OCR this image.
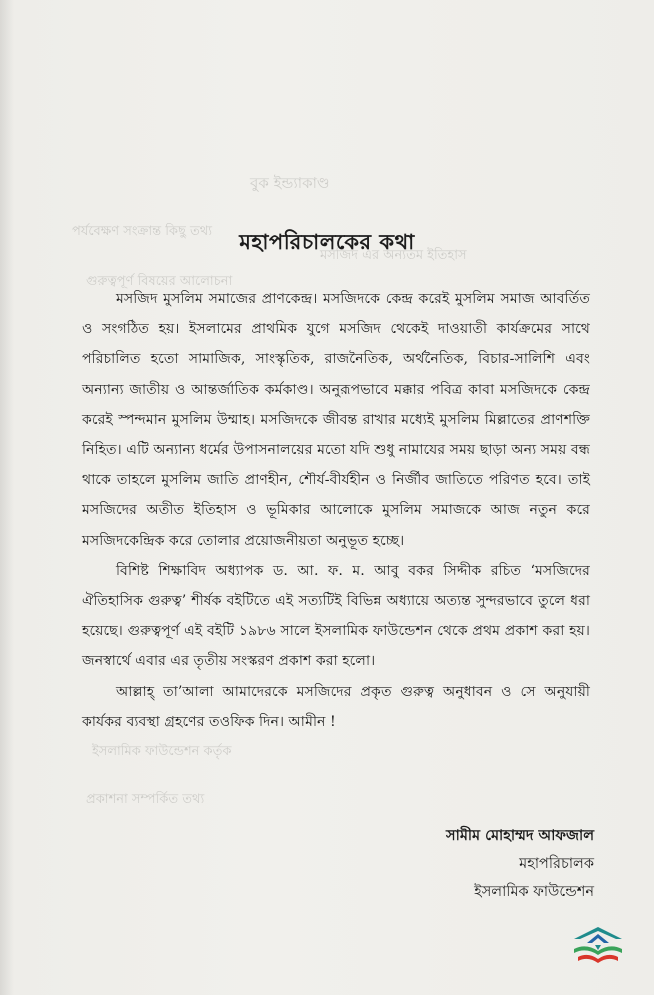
বুক ইন্ড্যাকাণ্ড
পর্যবেক্ষণ সংক্রান্ত কিছু তথ্য
মসজিদ এর অন্যতম ইতিহাস
গুরুত্বপূর্ণ বিষয়ের আলোচনা
ইসলামিক ফাউন্ডেশন কর্তৃক
প্রকাশনা সম্পর্কিত তথ্য
মহাপরিচালকের কথা

মসজিদ মুসলিম সমাজের প্রাণকেন্দ্র। মসজিদকে কেন্দ্র করেই মুসলিম সমাজ আবর্তিত ও সংগঠিত হয়। ইসলামের প্রাথমিক যুগে মসজিদ থেকেই দাওয়াতী কার্যক্রমের সাথে পরিচালিত হতো সামাজিক, সাংস্কৃতিক, রাজনৈতিক, অর্থনৈতিক, বিচার-সালিশি এবং অন্যান্য জাতীয় ও আন্তর্জাতিক কর্মকাণ্ড। অনুরূপভাবে মক্কার পবিত্র কাবা মসজিদকে কেন্দ্র করেই স্পন্দমান মুসলিম উম্মাহ। মসজিদকে জীবন্ত রাখার মধ্যেই মুসলিম মিল্লাতের প্রাণশক্তি নিহিত। এটি অন্যান্য ধর্মের উপাসনালয়ের মতো যদি শুধু নামাযের সময় ছাড়া অন্য সময় বন্ধ থাকে তাহলে মুসলিম জাতি প্রাণহীন, শৌর্য-বীর্যহীন ও নির্জীব জাতিতে পরিণত হবে। তাই মসজিদের অতীত ইতিহাস ও ভূমিকার আলোকে মুসলিম সমাজকে আজ নতুন করে মসজিদকেন্দ্রিক করে তোলার প্রয়োজনীয়তা অনুভূত হচ্ছে।

বিশিষ্ট শিক্ষাবিদ অধ্যাপক ড. আ. ফ. ম. আবু বকর সিদ্দীক রচিত ‘মসজিদের ঐতিহাসিক গুরুত্ব’ শীর্ষক বইটিতে এই সত্যটিই বিভিন্ন অধ্যায়ে অত্যন্ত সুন্দরভাবে তুলে ধরা হয়েছে। গুরুত্বপূর্ণ এই বইটি ১৯৮৬ সালে ইসলামিক ফাউন্ডেশন থেকে প্রথম প্রকাশ করা হয়। জনস্বার্থে এবার এর তৃতীয় সংস্করণ প্রকাশ করা হলো।

আল্লাহ্ তা’আলা আমাদেরকে মসজিদের প্রকৃত গুরুত্ব অনুধাবন ও সে অনুযায়ী কার্যকর ব্যবস্থা গ্রহণের তওফিক দিন। আমীন !

সামীম মোহাম্মদ আফজাল
মহাপরিচালক
ইসলামিক ফাউন্ডেশন
